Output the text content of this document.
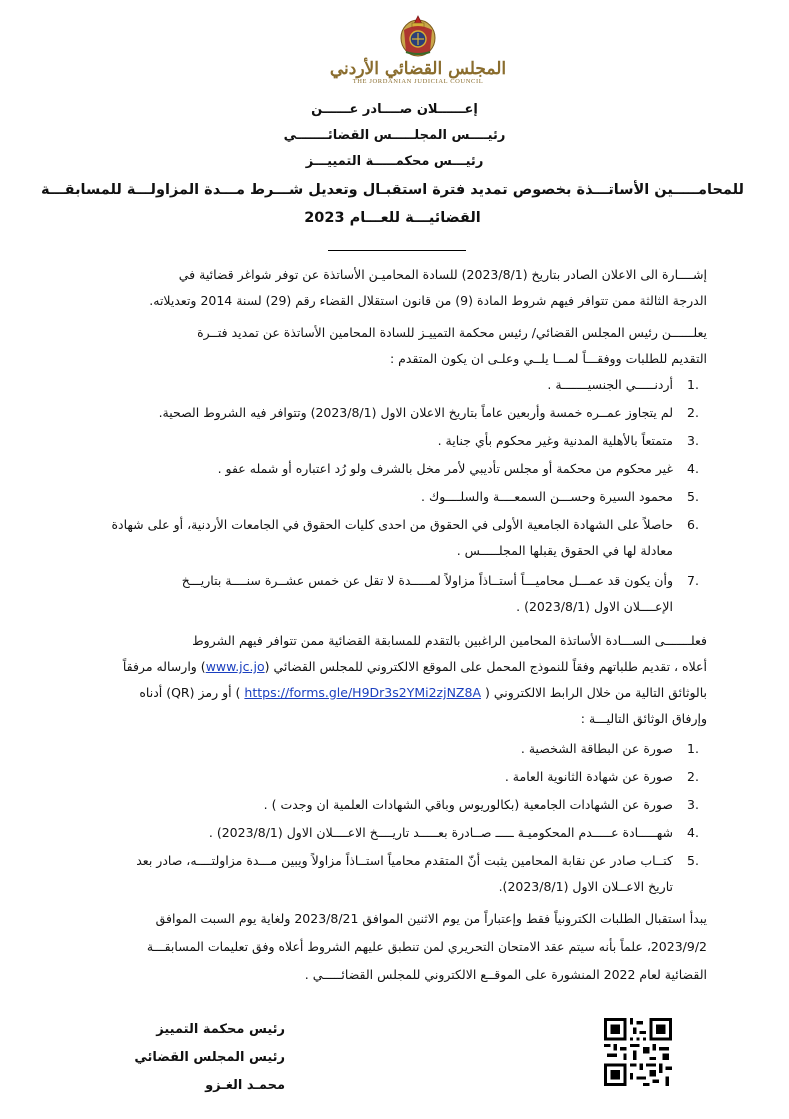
المجلس القضائي الأردني
THE JORDANIAN JUDICIAL COUNCIL
إعــــــلان صــــادر عــــــن
رئيــــس المجلـــــس القضائـــــــي
رئيـــس محكمـــــة التمييـــز
للمحامـــــين الأساتـــذة بخصوص تمديد فترة استقبـال وتعديل شـــرط مـــدة المزاولـــة للمسابقـــة
القضائيـــة للعـــام 2023
إشــــارة الى الاعلان الصادر بتاريخ (2023/8/1) للسادة المحاميـن الأساتذة عن توفر شواغر قضائية في
الدرجة الثالثة ممن تتوافر فيهم شروط المادة (9) من قانون استقلال القضاء رقم (29) لسنة 2014 وتعديلاته.
يعلــــــن رئيس المجلس القضائي/ رئيس محكمة التمييـز للسادة المحامين الأساتذة عن تمديد فتــرة
التقديم للطلبات ووفقـــاً لمـــا يلــي وعلـى ان يكون المتقدم :
1.
أردنـــــي الجنسيـــــــة .
2.
لم يتجاوز عمــره خمسة وأربعين عاماً بتاريخ الاعلان الاول (2023/8/1) وتتوافر فيه الشروط الصحية.
3.
متمتعاً بالأهلية المدنية وغير محكوم بأي جناية .
4.
غير محكوم من محكمة أو مجلس تأديبي لأمر مخل بالشرف ولو رُد اعتباره أو شمله عفو .
5.
محمود السيرة وحســـن السمعــــة والسلــــوك .
6.
حاصلاً على الشهادة الجامعية الأولى في الحقوق من احدى كليات الحقوق في الجامعات الأردنية، أو على شهادة
معادلة لها في الحقوق يقبلها المجلـــــس .
7.
وأن يكون قد عمـــل محاميـــاً أستــاذاً مزاولاً لمـــــدة لا تقل عن خمس عشــرة سنــــة بتاريـــخ
الإعــــلان الاول (2023/8/1) .
فعلـــــــى الســـادة الأساتذة المحامين الراغبين بالتقدم للمسابقة القضائية ممن تتوافر فيهم الشروط
أعلاه ، تقديم طلباتهم وفقاً للنموذج المحمل على الموقع الالكتروني للمجلس القضائي (www.jc.jo) وارساله مرفقاً
بالوثائق التالية من خلال الرابط الالكتروني ( https://forms.gle/H9Dr3s2YMi2zjNZ8A ) أو رمز (QR) أدناه
وإرفاق الوثائق التاليـــة :
1.
صورة عن البطاقة الشخصية .
2.
صورة عن شهادة الثانوية العامة .
3.
صورة عن الشهادات الجامعية (بكالوريوس وباقي الشهادات العلمية ان وجدت ) .
4.
شهـــــادة عـــــدم المحكوميـة ـــــ صــادرة بعـــــد تاريــــخ الاعــــلان الاول (2023/8/1) .
5.
كتــاب صادر عن نقابة المحامين يثبت أنّ المتقدم محامياً استــاذاً مزاولاً ويبين مـــدة مزاولتــــه، صادر بعد
تاريخ الاعــلان الاول (2023/8/1).
يبدأ استقبال الطلبات الكترونياً فقط وإعتباراً من يوم الاثنين الموافق 2023/8/21 ولغاية يوم السبت الموافق
2023/9/2، علماً بأنه سيتم عقد الامتحان التحريري لمن تنطبق عليهم الشروط أعلاه وفق تعليمات المسابقـــة
القضائية لعام 2022 المنشورة على الموقــع الالكتروني للمجلس القضائـــــي .
رئيس محكمة التمييز
رئيس المجلس القضائي
محمـد الغـزو
